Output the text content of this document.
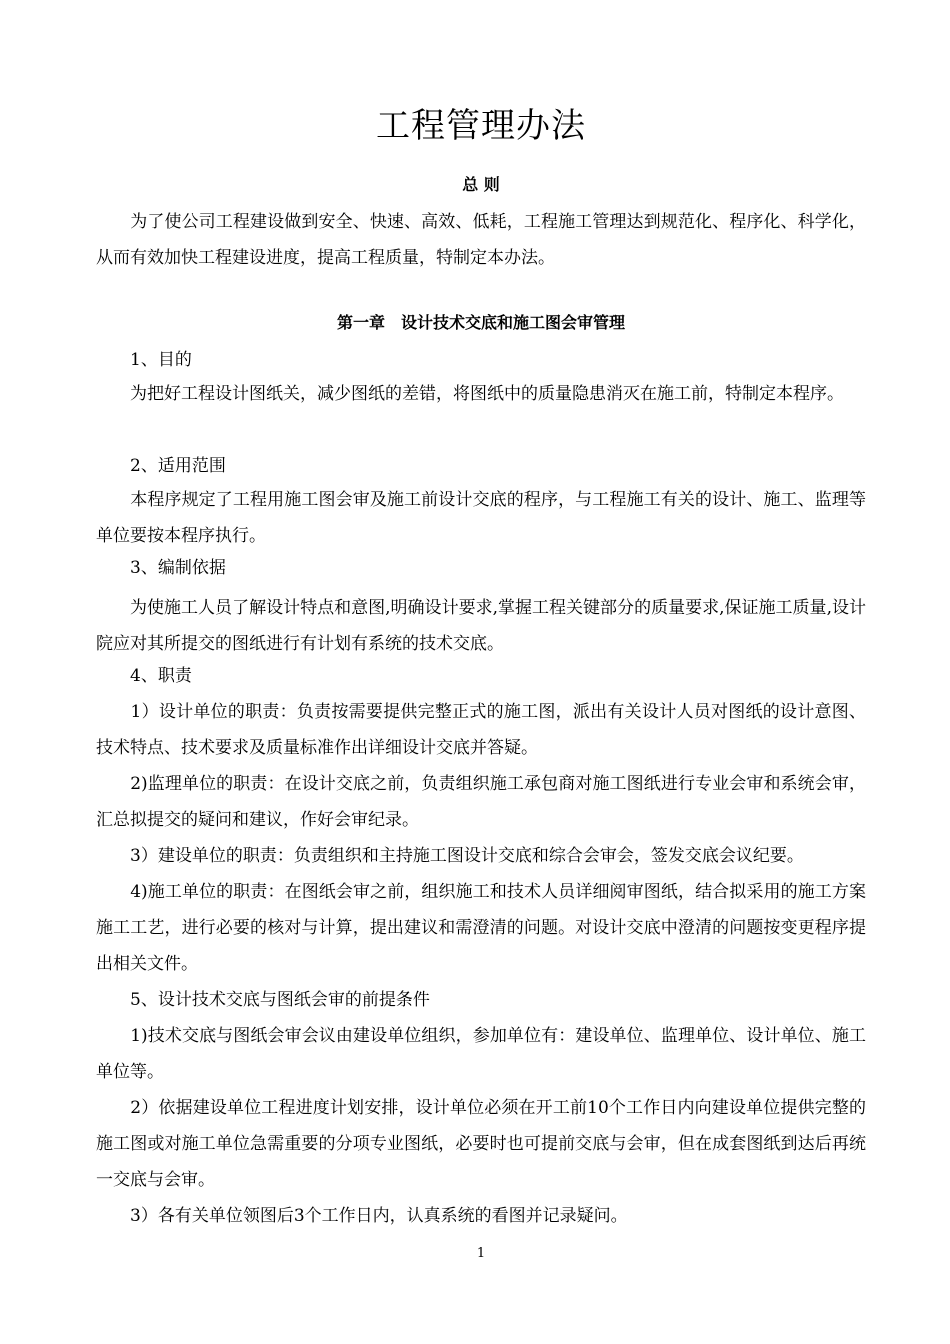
工程管理办法
总 则
　　为了使公司工程建设做到安全、快速、高效、低耗，工程施工管理达到规范化、程序化、科学化，从而有效加快工程建设进度，提高工程质量，特制定本办法。
第一章　设计技术交底和施工图会审管理
　　1、目的
　　为把好工程设计图纸关，减少图纸的差错，将图纸中的质量隐患消灭在施工前，特制定本程序。
　　2、适用范围
　　本程序规定了工程用施工图会审及施工前设计交底的程序，与工程施工有关的设计、施工、监理等单位要按本程序执行。
　　3、编制依据
　　为使施工人员了解设计特点和意图,明确设计要求,掌握工程关键部分的质量要求,保证施工质量,设计院应对其所提交的图纸进行有计划有系统的技术交底。
　　4、职责
　　1）设计单位的职责：负责按需要提供完整正式的施工图，派出有关设计人员对图纸的设计意图、技术特点、技术要求及质量标准作出详细设计交底并答疑。
　　2)监理单位的职责：在设计交底之前，负责组织施工承包商对施工图纸进行专业会审和系统会审，汇总拟提交的疑问和建议，作好会审纪录。
　　3）建设单位的职责：负责组织和主持施工图设计交底和综合会审会，签发交底会议纪要。
　　4)施工单位的职责：在图纸会审之前，组织施工和技术人员详细阅审图纸，结合拟采用的施工方案施工工艺，进行必要的核对与计算，提出建议和需澄清的问题。对设计交底中澄清的问题按变更程序提出相关文件。
　　5、设计技术交底与图纸会审的前提条件
　　1)技术交底与图纸会审会议由建设单位组织，参加单位有：建设单位、监理单位、设计单位、施工单位等。
　　2）依据建设单位工程进度计划安排，设计单位必须在开工前10个工作日内向建设单位提供完整的施工图或对施工单位急需重要的分项专业图纸，必要时也可提前交底与会审，但在成套图纸到达后再统一交底与会审。
　　3）各有关单位领图后3个工作日内，认真系统的看图并记录疑问。
1
